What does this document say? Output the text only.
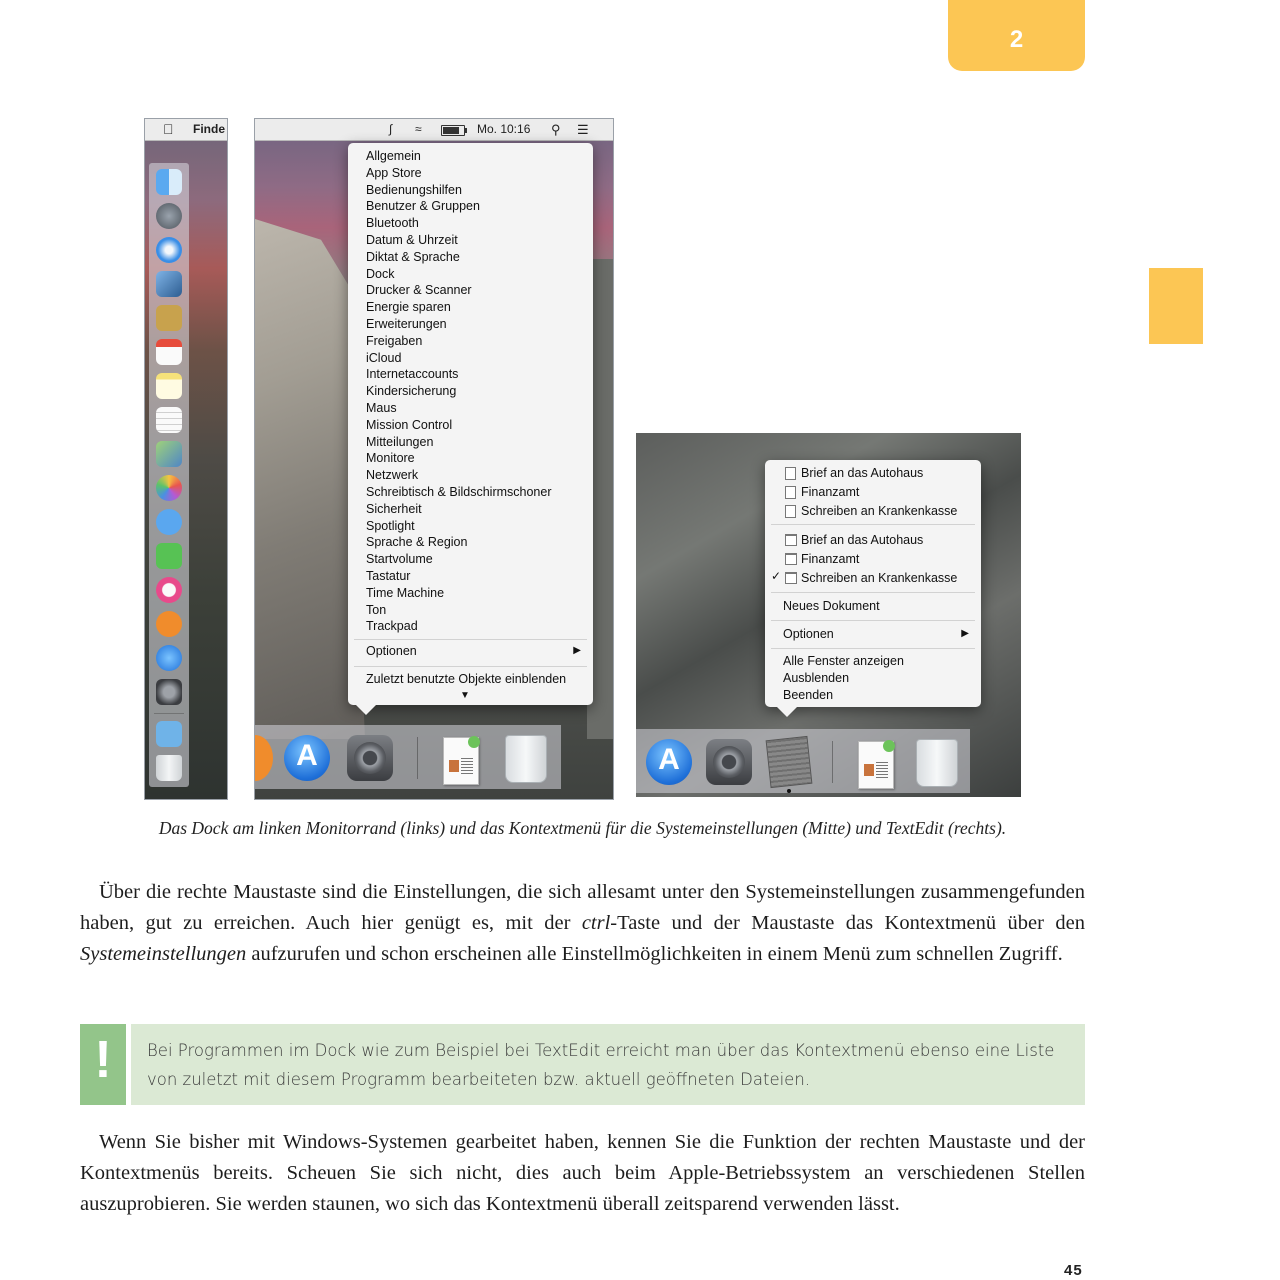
2
Finde	∫ ≈	Mo. 10:16 ⚲ ☰
Allgemein
App Store
Bedienungshilfen
Benutzer & Gruppen
Bluetooth
Datum & Uhrzeit
Diktat & Sprache
Dock
Drucker & Scanner
Energie sparen
Erweiterungen
Freigaben
iCloud
Internetaccounts
Kindersicherung
Maus
Mission Control
Mitteilungen
Monitore
Netzwerk
Schreibtisch & Bildschirmschoner
Sicherheit
Spotlight
Sprache & Region
Startvolume
Tastatur
Time Machine
Ton
Trackpad
Optionen	▶
Zuletzt benutzte Objekte einblenden
▼
A
Brief an das Autohaus
Finanzamt
Schreiben an Krankenkasse
Brief an das Autohaus
Finanzamt
✓ Schreiben an Krankenkasse
Neues Dokument
Optionen	▶
Alle Fenster anzeigen
Ausblenden
Beenden
A
Das Dock am linken Monitorrand (links) und das Kontextmenü für die Systemeinstellungen (Mitte) und TextEdit (rechts).

Über die rechte Maustaste sind die Einstellungen, die sich allesamt unter den Systemeinstellungen zusammengefunden haben, gut zu erreichen. Auch hier genügt es, mit der ctrl-Taste und der Maustaste das Kontextmenü über den Systemeinstellungen aufzurufen und schon erscheinen alle Einstellmöglichkeiten in einem Menü zum schnellen Zugriff.

!	Bei Programmen im Dock wie zum Beispiel bei TextEdit erreicht man über das Kontextmenü ebenso eine Liste von zuletzt mit diesem Programm bearbeiteten bzw. aktuell geöffneten Dateien.

Wenn Sie bisher mit Windows-Systemen gearbeitet haben, kennen Sie die Funktion der rechten Maustaste und der Kontextmenüs bereits. Scheuen Sie sich nicht, dies auch beim Apple-Betriebssystem an verschiedenen Stellen auszuprobieren. Sie werden staunen, wo sich das Kontextmenü überall zeitsparend verwenden lässt.

45
